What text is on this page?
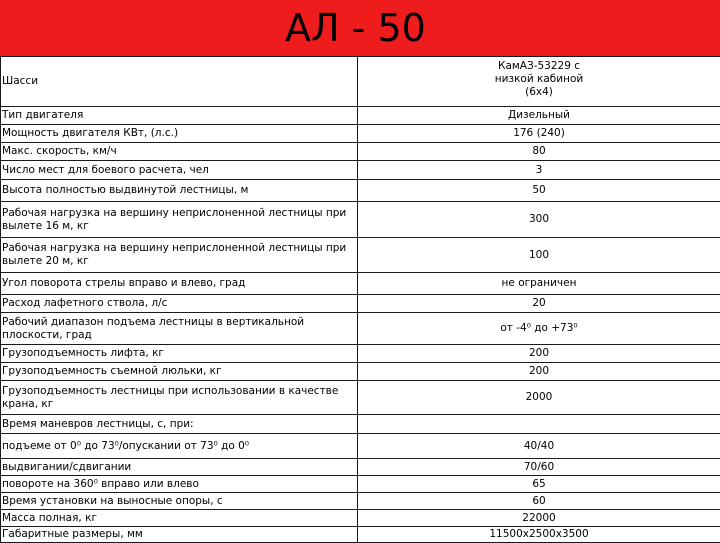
АЛ - 50
Шасси	КамАЗ-53229 с
низкой кабиной
(6х4)
Тип двигателя	Дизельный
Мощность двигателя КВт, (л.с.)	176 (240)
Макс. скорость, км/ч	80
Число мест для боевого расчета, чел	3
Высота полностью выдвинутой лестницы, м	50
Рабочая нагрузка на вершину неприслоненной лестницы при вылете 16 м, кг	300
Рабочая нагрузка на вершину неприслоненной лестницы при вылете 20 м, кг	100
Угол поворота стрелы вправо и влево, град	не ограничен
Расход лафетного ствола, л/с	20
Рабочий диапазон подъема лестницы в вертикальной плоскости, град	от -4⁰ до +73⁰
Грузоподъемность лифта, кг	200
Грузоподъемность съемной люльки, кг	200
Грузоподъемность лестницы при использовании в качестве крана, кг	2000
Время маневров лестницы, с, при:	
подъеме от 0⁰ до 73⁰/опускании от 73⁰ до 0⁰	40/40
выдвигании/сдвигании	70/60
повороте на 360⁰ вправо или влево	65
Время установки на выносные опоры, с	60
Масса полная, кг	22000
Габаритные размеры, мм	11500х2500х3500
